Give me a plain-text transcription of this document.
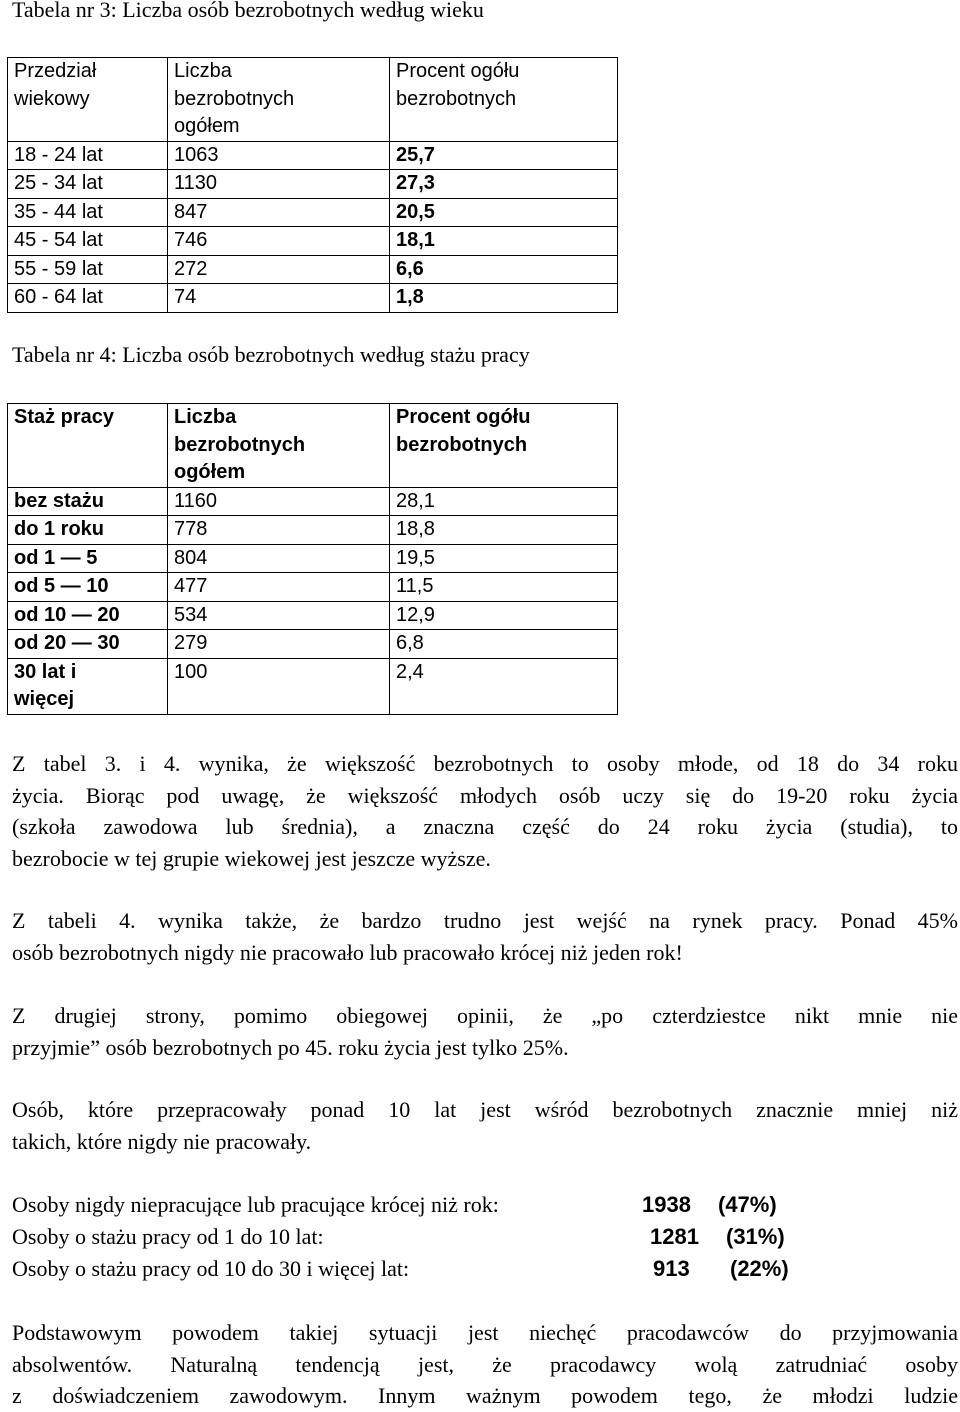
Tabela nr 3: Liczba osób bezrobotnych według wieku
Przedział
wiekowy	Liczba
bezrobotnych
ogółem	Procent ogółu
bezrobotnych
18 - 24 lat	1063	25,7
25 - 34 lat	1130	27,3
35 - 44 lat	847	20,5
45 - 54 lat	746	18,1
55 - 59 lat	272	6,6
60 - 64 lat	74	1,8
Tabela nr 4: Liczba osób bezrobotnych według stażu pracy
Staż pracy	Liczba
bezrobotnych
ogółem	Procent ogółu
bezrobotnych
bez stażu	1160	28,1
do 1 roku	778	18,8
od 1 — 5	804	19,5
od 5 — 10	477	11,5
od 10 — 20	534	12,9
od 20 — 30	279	6,8
30 lat i
więcej	100	2,4
Z tabel 3. i 4. wynika, że większość bezrobotnych to osoby młode, od 18 do 34 roku
życia. Biorąc pod uwagę, że większość młodych osób uczy się do 19-20 roku życia
(szkoła zawodowa lub średnia), a znaczna część do 24 roku życia (studia), to
bezrobocie w tej grupie wiekowej jest jeszcze wyższe.
Z tabeli 4. wynika także, że bardzo trudno jest wejść na rynek pracy. Ponad 45%
osób bezrobotnych nigdy nie pracowało lub pracowało krócej niż jeden rok!
Z drugiej strony, pomimo obiegowej opinii, że „po czterdziestce nikt mnie nie
przyjmie” osób bezrobotnych po 45. roku życia jest tylko 25%.
Osób, które przepracowały ponad 10 lat jest wśród bezrobotnych znacznie mniej niż
takich, które nigdy nie pracowały.
Osoby nigdy niepracujące lub pracujące krócej niż rok:	1938 (47%)
Osoby o stażu pracy od 1 do 10 lat:	1281 (31%)
Osoby o stażu pracy od 10 do 30 i więcej lat:	913 (22%)
Podstawowym powodem takiej sytuacji jest niechęć pracodawców do przyjmowania
absolwentów. Naturalną tendencją jest, że pracodawcy wolą zatrudniać osoby
z doświadczeniem zawodowym. Innym ważnym powodem tego, że młodzi ludzie
